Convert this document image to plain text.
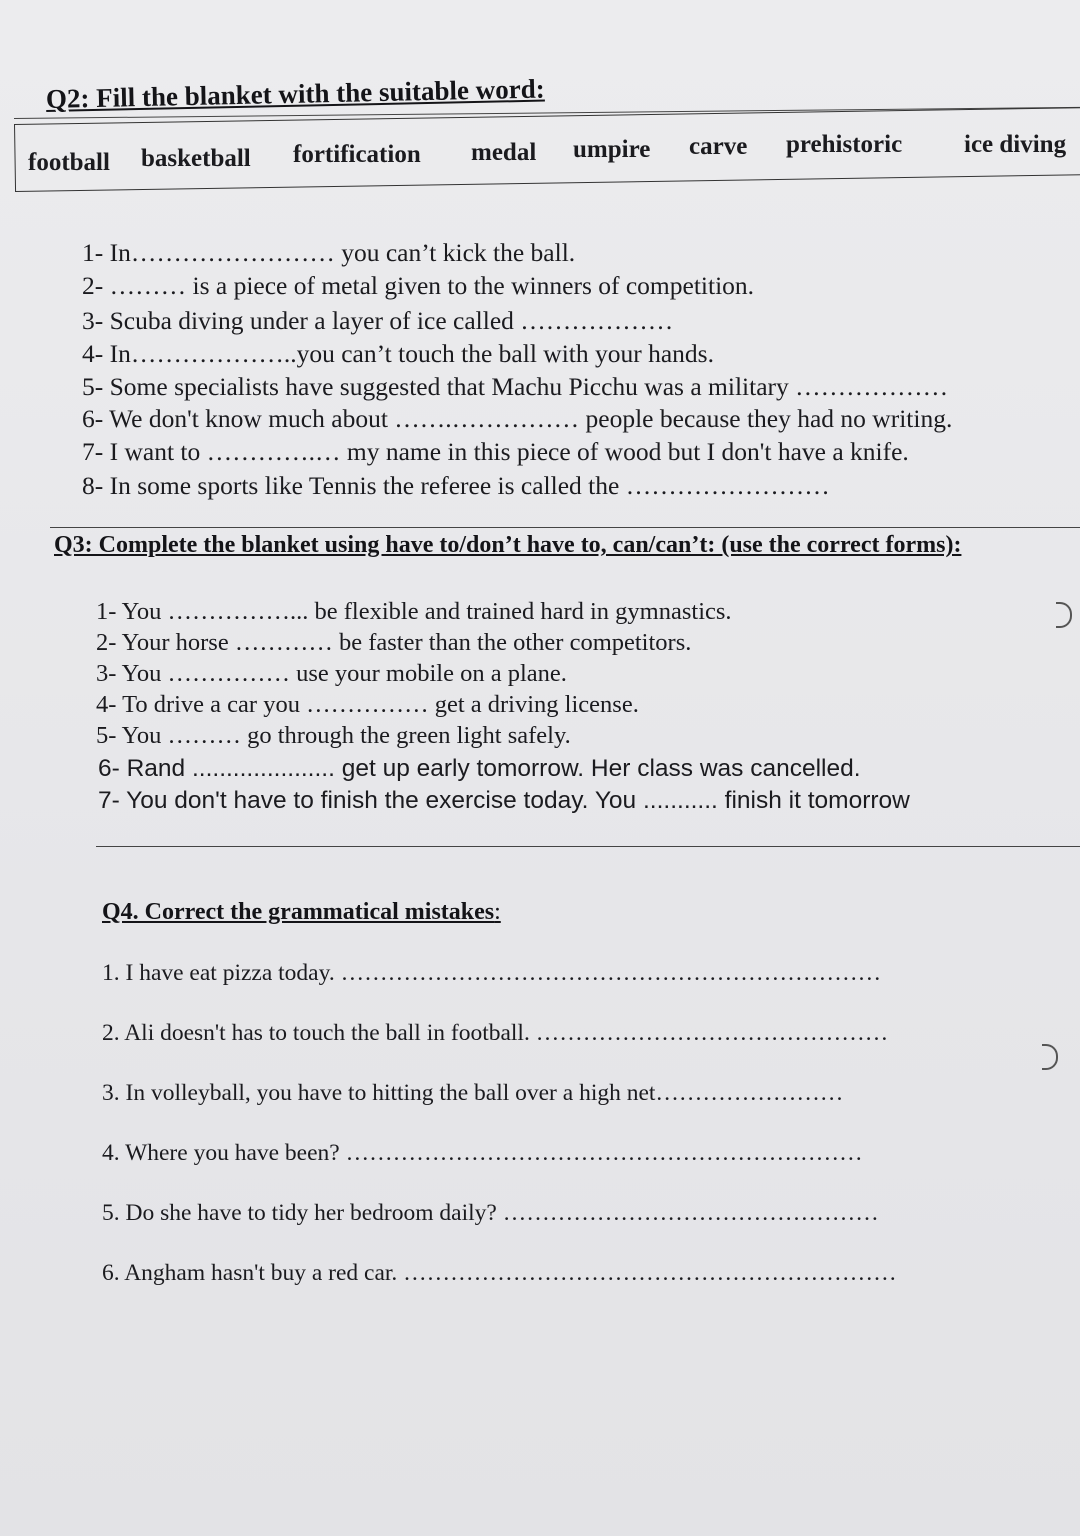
Q2: Fill the blanket with the suitable word:
football basketball fortification medal umpire carve prehistoric ice diving
1- In…………………… you can’t kick the ball.
2- ……… is a piece of metal given to the winners of competition.
3- Scuba diving under a layer of ice called ………………
4- In………………..you can’t touch the ball with your hands.
5- Some specialists have suggested that Machu Picchu was a military ………………
6- We don't know much about …….…………… people because they had no writing.
7- I want to ………….… my name in this piece of wood but I don't have a knife.
8- In some sports like Tennis the referee is called the ……………………
Q3: Complete the blanket using have to/don’t have to, can/can’t: (use the correct forms):
1- You ……………... be flexible and trained hard in gymnastics.
2- Your horse ………… be faster than the other competitors.
3- You …………… use your mobile on a plane.
4- To drive a car you …………… get a driving license.
5- You ……… go through the green light safely.
6- Rand ..................... get up early tomorrow. Her class was cancelled.
7- You don't have to finish the exercise today. You ........... finish it tomorrow
Q4. Correct the grammatical mistakes:
1. I have eat pizza today. ……………………………………………………………
2. Ali doesn't has to touch the ball in football. ………………………………………
3. In volleyball, you have to hitting the ball over a high net……………………
4. Where you have been? …………………………………………………………
5. Do she have to tidy her bedroom daily? …………………………………………
6. Angham hasn't buy a red car. ………………………………………………………
